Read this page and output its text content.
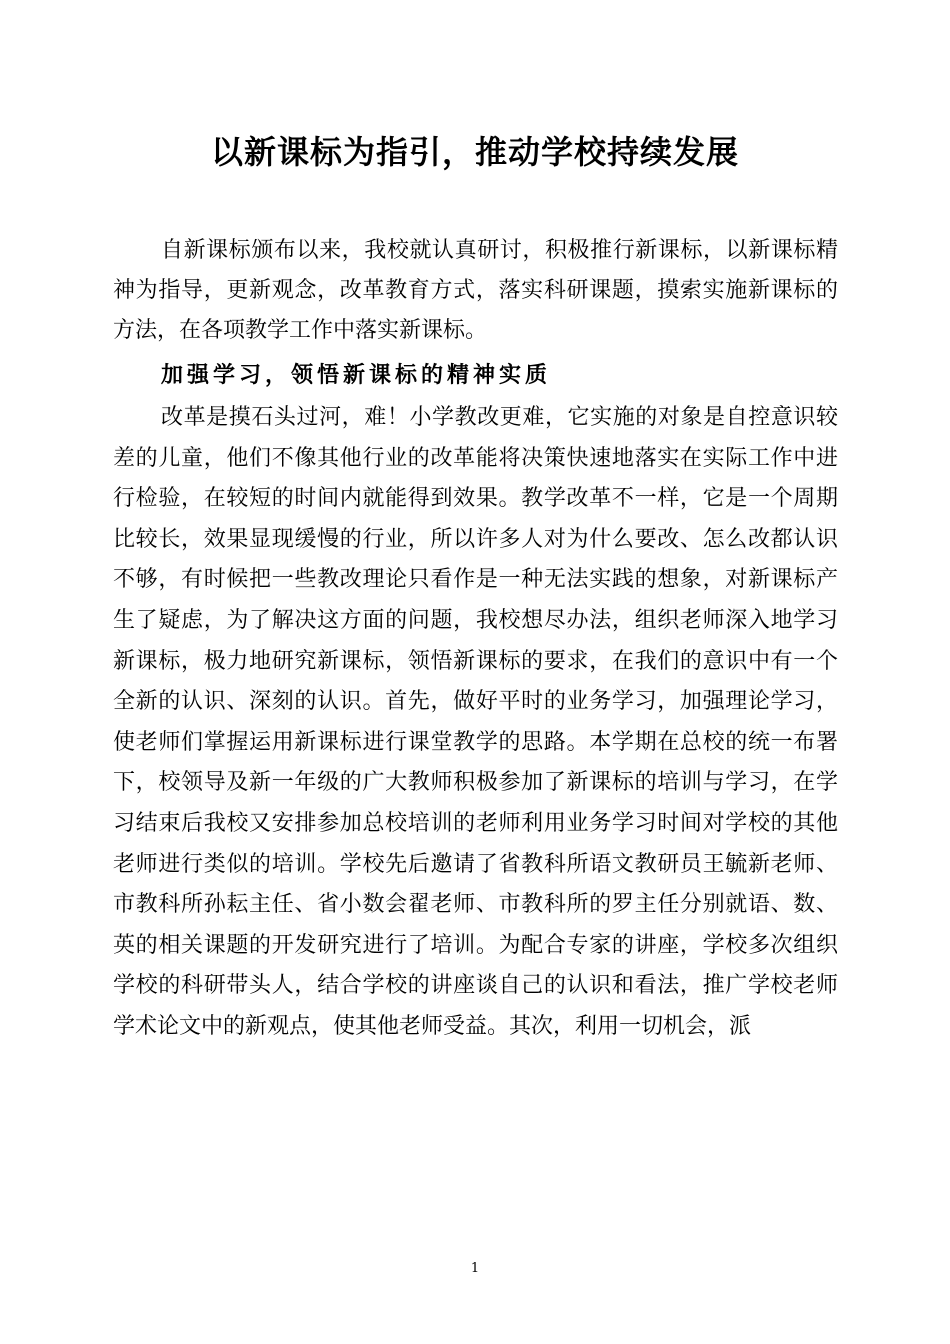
以新课标为指引，推动学校持续发展

自新课标颁布以来，我校就认真研讨，积极推行新课标，以新课标精神为指导，更新观念，改革教育方式，落实科研课题，摸索实施新课标的方法，在各项教学工作中落实新课标。

加强学习，领悟新课标的精神实质

改革是摸石头过河，难！小学教改更难，它实施的对象是自控意识较差的儿童，他们不像其他行业的改革能将决策快速地落实在实际工作中进行检验，在较短的时间内就能得到效果。教学改革不一样，它是一个周期比较长，效果显现缓慢的行业，所以许多人对为什么要改、怎么改都认识不够，有时候把一些教改理论只看作是一种无法实践的想象，对新课标产生了疑虑，为了解决这方面的问题，我校想尽办法，组织老师深入地学习新课标，极力地研究新课标，领悟新课标的要求，在我们的意识中有一个全新的认识、深刻的认识。首先，做好平时的业务学习，加强理论学习，使老师们掌握运用新课标进行课堂教学的思路。本学期在总校的统一布署下，校领导及新一年级的广大教师积极参加了新课标的培训与学习，在学习结束后我校又安排参加总校培训的老师利用业务学习时间对学校的其他老师进行类似的培训。学校先后邀请了省教科所语文教研员王毓新老师、市教科所孙耘主任、省小数会翟老师、市教科所的罗主任分别就语、数、英的相关课题的开发研究进行了培训。为配合专家的讲座，学校多次组织学校的科研带头人，结合学校的讲座谈自己的认识和看法，推广学校老师学术论文中的新观点，使其他老师受益。其次，利用一切机会，派

1
